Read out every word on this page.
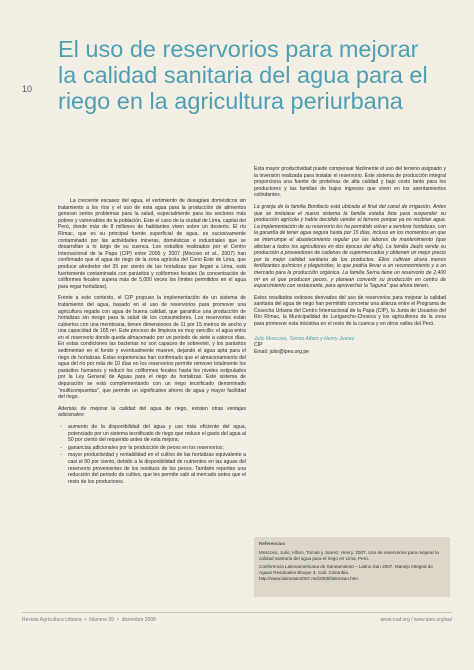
10
El uso de reservorios para mejorar
la calidad sanitaria del agua para el
riego en la agricultura periurbana

La creciente escasez del agua, el vertimiento de desagües domésticos sin tratamiento a los ríos y el uso de esta agua para la producción de alimentos generan serios problemas para la salud, especialmente para los sectores más pobres y vulnerables de la población. Este el caso de la ciudad de Lima, capital del Perú, donde más de 8 millones de habitantes viven sobre un desierto. El río Rímac, que es su principal fuente superficial de agua, es sucesivamente contaminado por las actividades mineras, domésticas e industriales que se desarrollan a lo largo de su cuenca. Los estudios realizados por el Centro Internacional de la Papa (CIP) entre 2005 y 2007 (Mocoso et al., 2007) han confirmado que el agua de riego de la zona agrícola del Cono Este de Lima, que produce alrededor del 35 por ciento de las hortalizas que llegan a Lima, está fuertemente contaminada con parásitos y coliformes fecales (la concentración de coliformes fecales supera más de 5,000 veces los límites permitidos en el agua para regar hortalizas).

Frente a este contexto, el CIP propuso la implementación de un sistema de tratamiento del agua, basado en el uso de reservorios para promover una agricultura regada con agua de buena calidad, que garantice una producción de hortalizas sin riesgo para la salud de los consumidores. Los reservorios están cubiertos con una membrana, tienen dimensiones de 11 por 15 metros de ancho y una capacidad de 165 m³. Este proceso de limpieza es muy sencillo: el agua entra en el reservorio donde queda almacenado por un periodo de siete a catorce días. En estas condiciones las bacterias no son capaces de sobrevivir, y los parásitos sedimentan en el fondo y eventualmente mueren, dejando el agua apta para el riego de hortalizas. Estas experiencias han confirmado que el almacenamiento del agua del río por más de 10 días en los reservorios permite remover totalmente los parásitos humanos y reducir los coliformes fecales hasta los niveles estipulados por la Ley General de Aguas para el riego de hortalizas. Este sistema de depuración se está complementando con un riego tecnificado denominado "multicompuertas", que permite un significativo ahorro de agua y mayor facilidad del riego.

Además de mejorar la calidad del agua de riego, existen otras ventajas adicionales:

- aumento de la disponibilidad del agua y uso más eficiente del agua, potenciado por un sistema tecnificado de riego que reduce el gasto del agua al 50 por ciento del requerido antes de esta mejora;
- ganancias adicionales por la producción de peces en los reservorios;
- mayor productividad y rentabilidad en el cultivo de las hortalizas equivalente a casi el 50 por ciento, debido a la disponibilidad de nutrientes en las aguas del reservorio provenientes de los residuos de los peces. También reportan una reducción del periodo de cultivo, que les permite salir al mercado antes que el resto de los productores.

Esta mayor productividad puede compensar fácilmente el uso del terreno asignado y la inversión realizada para instalar el reservorio. Este sistema de producción integral proporciona una fuente de proteínas de alta calidad y bajo costo tanto para los productores y las familias de bajos ingresos que viven en los asentamientos colindantes.

La granja de la familia Bonifacio está ubicada al final del canal de irrigación. Antes que se instalase el nuevo sistema la familia estaba lista para suspender su producción agrícola y había decidido vender el terreno porque ya no recibían agua. La implementación de su reservorio les ha permitido volver a sembrar hortalizas, con la garantía de tener agua segura hasta por 15 días, incluso en los momentos en que se interrumpe el abastecimiento regular por las labores de mantenimiento (que afectan a todos los agricultores en dos épocas del año). La familia Jaulis vende su producción a proveedores de cadenas de supermercados y obtienen un mejor precio por la mejor calidad sanitaria de los productos. Ellos cultivan ahora menos fertilizantes químicos y plaguicidas, lo que podría llevar a un reconocimiento y a un mercado para la producción orgánica. La familia Serna tiene un reservorio de 2,400 m³ en el que producen peces, y planean convertir su producción en centro de esparcimiento con restaurante, para aprovechar la "laguna" que ahora tienen.

Estos resultados exitosos derivados del uso de reservorios para mejorar la calidad sanitaria del agua de riego han permitido concretar una alianza entre el Programa de Cosecha Urbana del Centro Internacional de la Papa (CIP), la Junta de Usuarios del Río Rímac, la Municipalidad de Lurigancho-Chosica y los agricultores de la zona para promover esta iniciativa en el resto de la cuenca y en otros valles del Perú.

Julio Moscoso, Tomás Alfaro y Henry Juarez
CIP
Email: julio@ipes.org.pe
Referencias

Moscoso, Julio; Alfaro, Tomás y Juarez, Henry. 2007. Uso de reservorios para mejorar la calidad sanitaria del agua para el riego en Lima, Perú.

Conferencia Latinoamericana de Saneamiento – Latino San 2007, Manejo Integral de Aguas Residuales Bloque 3, Cali, Colombia. http://www.latinosan2007.net/2008/latinosan.htm

Revista Agricultura Urbana • Número 20 • diciembre 2008	www.ruaf.org / www.ipes.org/au/
